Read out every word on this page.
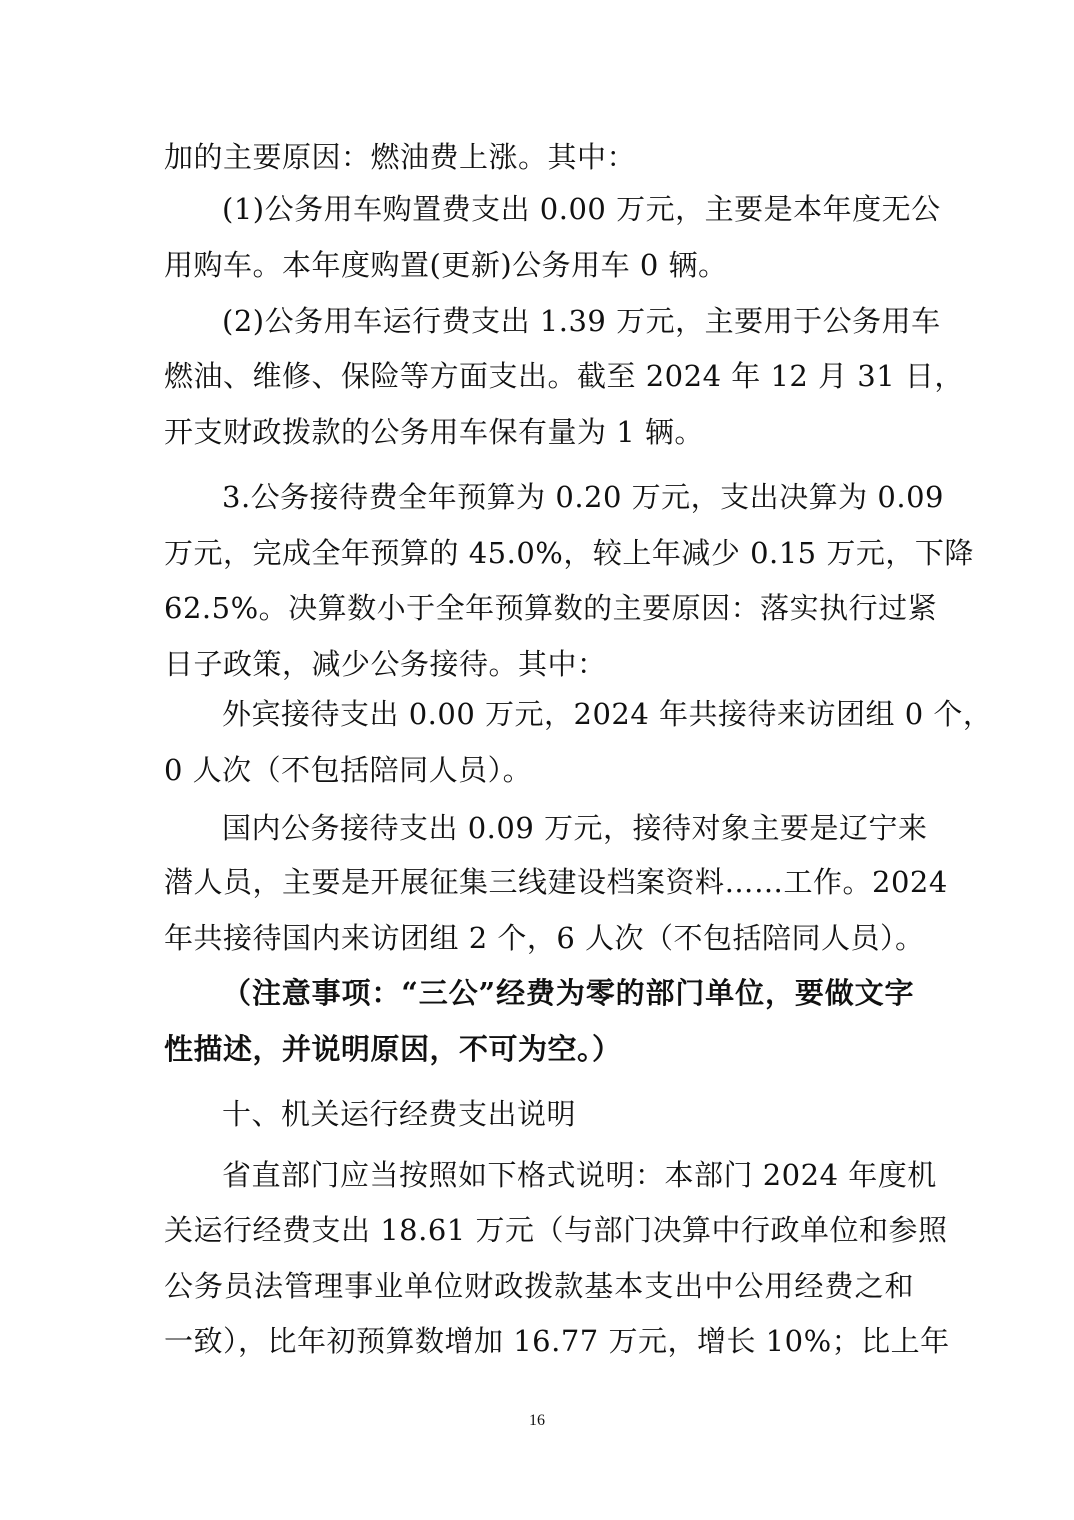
加的主要原因：燃油费上涨。其中：
(1)公务用车购置费支出 0.00 万元，主要是本年度无公
用购车。本年度购置(更新)公务用车 0 辆。
(2)公务用车运行费支出 1.39 万元，主要用于公务用车
燃油、维修、保险等方面支出。截至 2024 年 12 月 31 日，
开支财政拨款的公务用车保有量为 1 辆。
3.公务接待费全年预算为 0.20 万元，支出决算为 0.09
万元，完成全年预算的 45.0%，较上年减少 0.15 万元，下降
62.5%。决算数小于全年预算数的主要原因：落实执行过紧
日子政策，减少公务接待。其中：
外宾接待支出 0.00 万元，2024 年共接待来访团组 0 个，
0 人次（不包括陪同人员）。
国内公务接待支出 0.09 万元，接待对象主要是辽宁来
潜人员，主要是开展征集三线建设档案资料……工作。2024
年共接待国内来访团组 2 个，6 人次（不包括陪同人员）。
（注意事项：“三公”经费为零的部门单位，要做文字
性描述，并说明原因，不可为空。）
十、机关运行经费支出说明
省直部门应当按照如下格式说明：本部门 2024 年度机
关运行经费支出 18.61 万元（与部门决算中行政单位和参照
公务员法管理事业单位财政拨款基本支出中公用经费之和
一致），比年初预算数增加 16.77 万元，增长 10%；比上年
16
